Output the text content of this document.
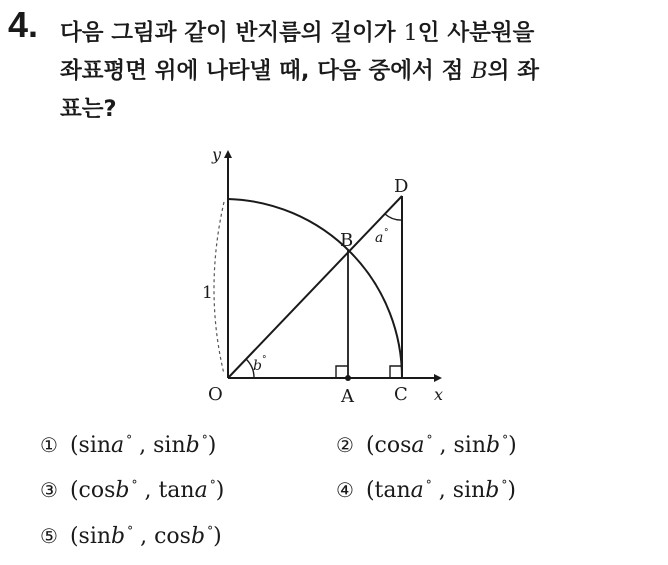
4. 다음 그림과 같이 반지름의 길이가 1인 사분원을
좌표평면 위에 나타낼 때, 다음 중에서 점 B의 좌
표는?
y
x
O	A C
D
B
1
a °
b °
① (sina ° , sinb °)	② (cosa ° , sinb °)
③ (cosb ° , tana °)	④ (tana ° , sinb °)
⑤ (sinb ° , cosb °)
